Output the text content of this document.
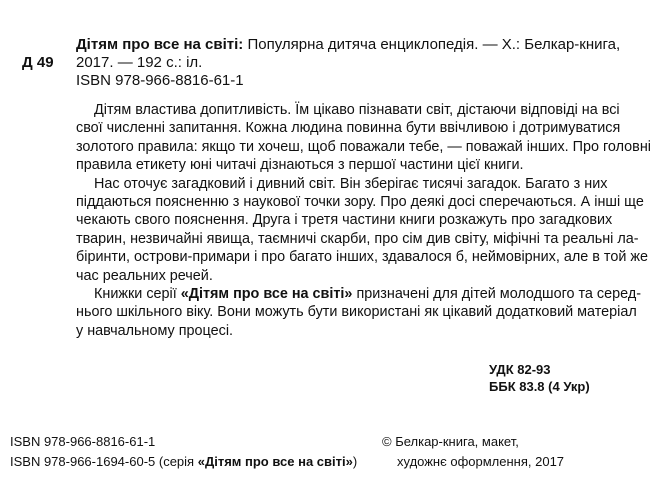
Дітям про все на світі: Популярна дитяча енциклопедія. — Х.: Белкар-книга,
Д 49 2017. — 192 с.: іл.
ISBN 978-966-8816-61-1
Дітям властива допитливість. Їм цікаво пізнавати світ, дістаючи відповіді на всі
свої численні запитання. Кожна людина повинна бути ввічливою і дотримуватися
золотого правила: якщо ти хочеш, щоб поважали тебе, — поважай інших. Про головні
правила етикету юні читачі дізнаються з першої частини цієї книги.
Нас оточує загадковий і дивний світ. Він зберігає тисячі загадок. Багато з них
піддаються поясненню з наукової точки зору. Про деякі досі сперечаються. А інші ще
чекають свого пояснення. Друга і третя частини книги розкажуть про загадкових
тварин, незвичайні явища, таємничі скарби, про сім див світу, міфічні та реальні ла-
біринти, острови-примари і про багато інших, здавалося б, неймовірних, але в той же
час реальних речей.
Книжки серії «Дітям про все на світі» призначені для дітей молодшого та серед-
нього шкільного віку. Вони можуть бути використані як цікавий додатковий матеріал
у навчальному процесі.
УДК 82-93
ББК 83.8 (4 Укр)
ISBN 978-966-8816-61-1
ISBN 978-966-1694-60-5 (серія «Дітям про все на світі»)
© Белкар-книга, макет,
художнє оформлення, 2017
